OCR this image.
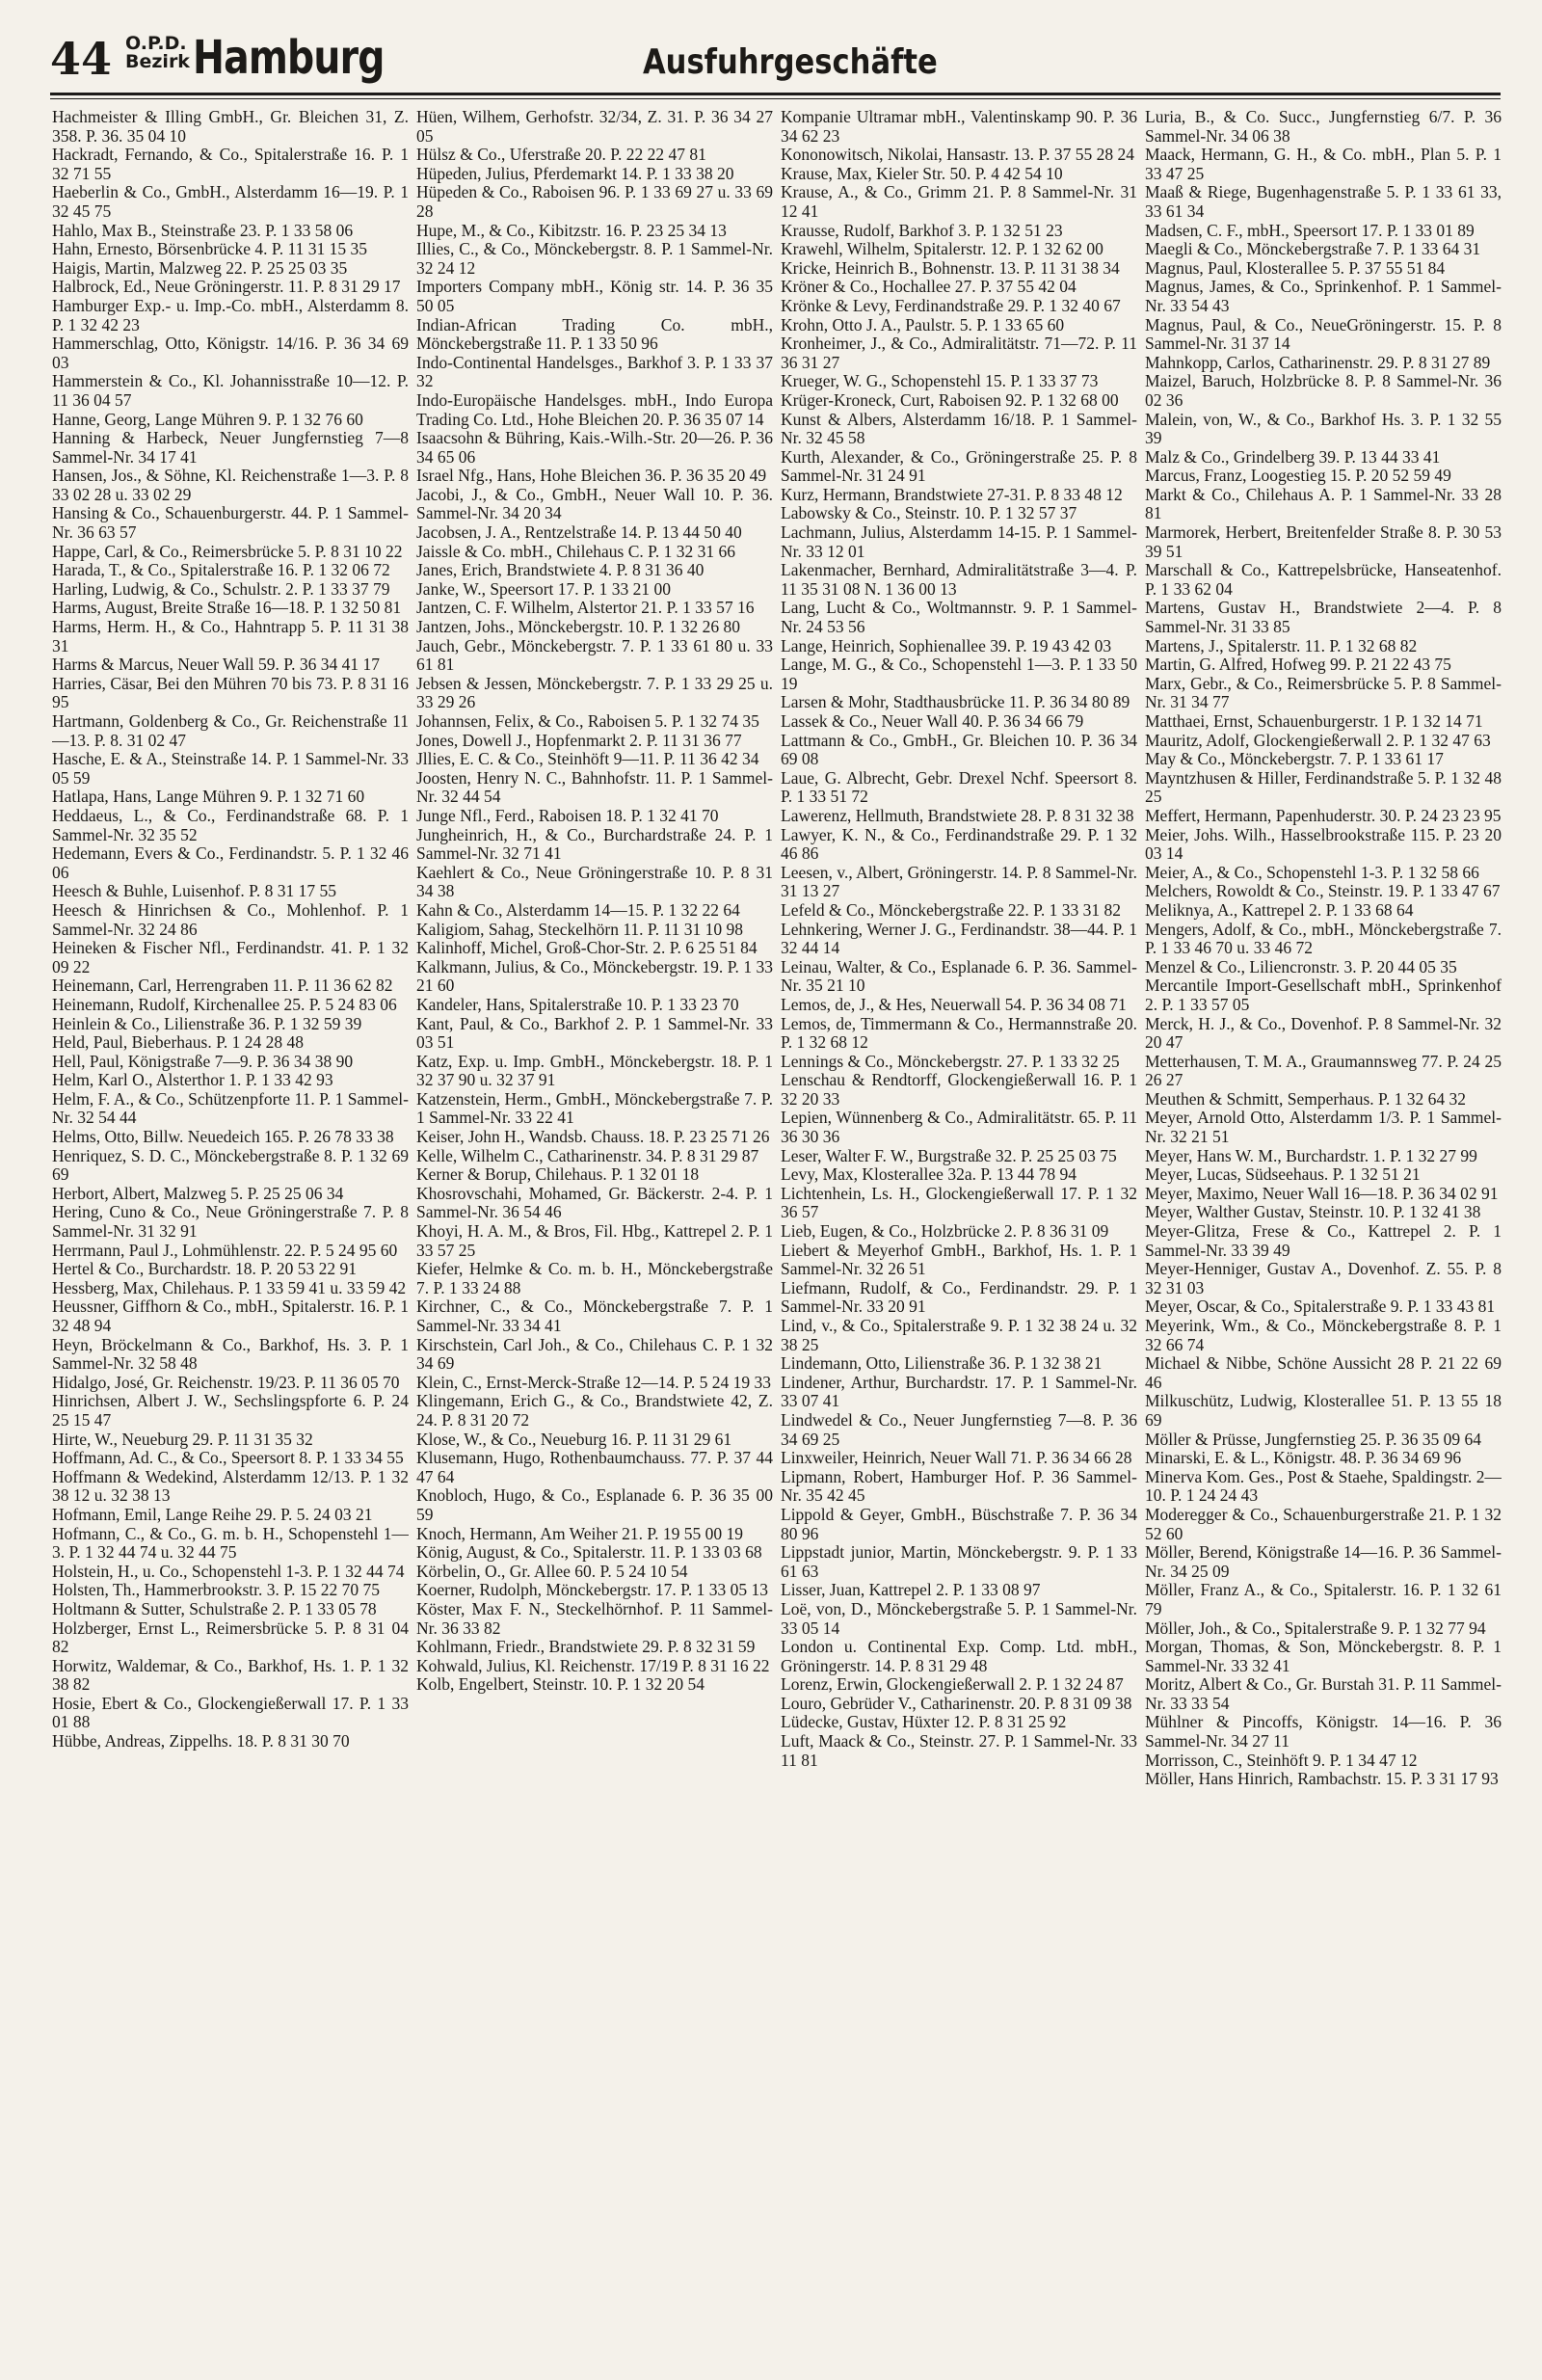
44 O.P.D.
Bezirk Hamburg	Ausfuhrgeschäfte
Hachmeister & Illing GmbH., Gr. Bleichen 31, Z. 358. P. 36. 35 04 10
Hackradt, Fernando, & Co., Spitalerstraße 16. P. 1 32 71 55
Haeberlin & Co., GmbH., Alsterdamm 16—19. P. 1 32 45 75
Hahlo, Max B., Steinstraße 23. P. 1 33 58 06
Hahn, Ernesto, Börsenbrücke 4. P. 11 31 15 35
Haigis, Martin, Malzweg 22. P. 25 25 03 35
Halbrock, Ed., Neue Gröningerstr. 11. P. 8 31 29 17
Hamburger Exp.- u. Imp.-Co. mbH., Alsterdamm 8. P. 1 32 42 23
Hammerschlag, Otto, Königstr. 14/16. P. 36 34 69 03
Hammerstein & Co., Kl. Johannisstraße 10—12. P. 11 36 04 57
Hanne, Georg, Lange Mühren 9. P. 1 32 76 60
Hanning & Harbeck, Neuer Jungfernstieg 7—8 Sammel-Nr. 34 17 41
Hansen, Jos., & Söhne, Kl. Reichenstraße 1—3. P. 8 33 02 28 u. 33 02 29
Hansing & Co., Schauenburgerstr. 44. P. 1 Sammel-Nr. 36 63 57
Happe, Carl, & Co., Reimersbrücke 5. P. 8 31 10 22
Harada, T., & Co., Spitalerstraße 16. P. 1 32 06 72
Harling, Ludwig, & Co., Schulstr. 2. P. 1 33 37 79
Harms, August, Breite Straße 16—18. P. 1 32 50 81
Harms, Herm. H., & Co., Hahntrapp 5. P. 11 31 38 31
Harms & Marcus, Neuer Wall 59. P. 36 34 41 17
Harries, Cäsar, Bei den Mühren 70 bis 73. P. 8 31 16 95
Hartmann, Goldenberg & Co., Gr. Reichenstraße 11—13. P. 8. 31 02 47
Hasche, E. & A., Steinstraße 14. P. 1 Sammel-Nr. 33 05 59
Hatlapa, Hans, Lange Mühren 9. P. 1 32 71 60
Heddaeus, L., & Co., Ferdinandstraße 68. P. 1 Sammel-Nr. 32 35 52
Hedemann, Evers & Co., Ferdinandstr. 5. P. 1 32 46 06
Heesch & Buhle, Luisenhof. P. 8 31 17 55
Heesch & Hinrichsen & Co., Mohlenhof. P. 1 Sammel-Nr. 32 24 86
Heineken & Fischer Nfl., Ferdinandstr. 41. P. 1 32 09 22
Heinemann, Carl, Herrengraben 11. P. 11 36 62 82
Heinemann, Rudolf, Kirchenallee 25. P. 5 24 83 06
Heinlein & Co., Lilienstraße 36. P. 1 32 59 39
Held, Paul, Bieberhaus. P. 1 24 28 48
Hell, Paul, Königstraße 7—9. P. 36 34 38 90
Helm, Karl O., Alsterthor 1. P. 1 33 42 93
Helm, F. A., & Co., Schützenpforte 11. P. 1 Sammel-Nr. 32 54 44
Helms, Otto, Billw. Neuedeich 165. P. 26 78 33 38
Henriquez, S. D. C., Mönckebergstraße 8. P. 1 32 69 69
Herbort, Albert, Malzweg 5. P. 25 25 06 34
Hering, Cuno & Co., Neue Gröningerstraße 7. P. 8 Sammel-Nr. 31 32 91
Herrmann, Paul J., Lohmühlenstr. 22. P. 5 24 95 60
Hertel & Co., Burchardstr. 18. P. 20 53 22 91
Hessberg, Max, Chilehaus. P. 1 33 59 41 u. 33 59 42
Heussner, Giffhorn & Co., mbH., Spitalerstr. 16. P. 1 32 48 94
Heyn, Bröckelmann & Co., Barkhof, Hs. 3. P. 1 Sammel-Nr. 32 58 48
Hidalgo, José, Gr. Reichenstr. 19/23. P. 11 36 05 70
Hinrichsen, Albert J. W., Sechslingspforte 6. P. 24 25 15 47
Hirte, W., Neueburg 29. P. 11 31 35 32
Hoffmann, Ad. C., & Co., Speersort 8. P. 1 33 34 55
Hoffmann & Wedekind, Alsterdamm 12/13. P. 1 32 38 12 u. 32 38 13
Hofmann, Emil, Lange Reihe 29. P. 5. 24 03 21
Hofmann, C., & Co., G. m. b. H., Schopenstehl 1—3. P. 1 32 44 74 u. 32 44 75
Holstein, H., u. Co., Schopenstehl 1-3. P. 1 32 44 74
Holsten, Th., Hammerbrookstr. 3. P. 15 22 70 75
Holtmann & Sutter, Schulstraße 2. P. 1 33 05 78
Holzberger, Ernst L., Reimersbrücke 5. P. 8 31 04 82
Horwitz, Waldemar, & Co., Barkhof, Hs. 1. P. 1 32 38 82
Hosie, Ebert & Co., Glockengießerwall 17. P. 1 33 01 88
Hübbe, Andreas, Zippelhs. 18. P. 8 31 30 70
Hüen, Wilhem, Gerhofstr. 32/34, Z. 31. P. 36 34 27 05
Hülsz & Co., Uferstraße 20. P. 22 22 47 81
Hüpeden, Julius, Pferdemarkt 14. P. 1 33 38 20
Hüpeden & Co., Raboisen 96. P. 1 33 69 27 u. 33 69 28
Hupe, M., & Co., Kibitzstr. 16. P. 23 25 34 13
Illies, C., & Co., Mönckebergstr. 8. P. 1 Sammel-Nr. 32 24 12
Importers Company mbH., König str. 14. P. 36 35 50 05
Indian-African Trading Co. mbH., Mönckebergstraße 11. P. 1 33 50 96
Indo-Continental Handelsges., Barkhof 3. P. 1 33 37 32
Indo-Europäische Handelsges. mbH., Indo Europa Trading Co. Ltd., Hohe Bleichen 20. P. 36 35 07 14
Isaacsohn & Bühring, Kais.-Wilh.-Str. 20—26. P. 36 34 65 06
Israel Nfg., Hans, Hohe Bleichen 36. P. 36 35 20 49
Jacobi, J., & Co., GmbH., Neuer Wall 10. P. 36. Sammel-Nr. 34 20 34
Jacobsen, J. A., Rentzelstraße 14. P. 13 44 50 40
Jaissle & Co. mbH., Chilehaus C. P. 1 32 31 66
Janes, Erich, Brandstwiete 4. P. 8 31 36 40
Janke, W., Speersort 17. P. 1 33 21 00
Jantzen, C. F. Wilhelm, Alstertor 21. P. 1 33 57 16
Jantzen, Johs., Mönckebergstr. 10. P. 1 32 26 80
Jauch, Gebr., Mönckebergstr. 7. P. 1 33 61 80 u. 33 61 81
Jebsen & Jessen, Mönckebergstr. 7. P. 1 33 29 25 u. 33 29 26
Johannsen, Felix, & Co., Raboisen 5. P. 1 32 74 35
Jones, Dowell J., Hopfenmarkt 2. P. 11 31 36 77
Jllies, E. C. & Co., Steinhöft 9—11. P. 11 36 42 34
Joosten, Henry N. C., Bahnhofstr. 11. P. 1 Sammel-Nr. 32 44 54
Junge Nfl., Ferd., Raboisen 18. P. 1 32 41 70
Jungheinrich, H., & Co., Burchardstraße 24. P. 1 Sammel-Nr. 32 71 41
Kaehlert & Co., Neue Gröningerstraße 10. P. 8 31 34 38
Kahn & Co., Alsterdamm 14—15. P. 1 32 22 64
Kaligiom, Sahag, Steckelhörn 11. P. 11 31 10 98
Kalinhoff, Michel, Groß-Chor-Str. 2. P. 6 25 51 84
Kalkmann, Julius, & Co., Mönckebergstr. 19. P. 1 33 21 60
Kandeler, Hans, Spitalerstraße 10. P. 1 33 23 70
Kant, Paul, & Co., Barkhof 2. P. 1 Sammel-Nr. 33 03 51
Katz, Exp. u. Imp. GmbH., Mönckebergstr. 18. P. 1 32 37 90 u. 32 37 91
Katzenstein, Herm., GmbH., Mönckebergstraße 7. P. 1 Sammel-Nr. 33 22 41
Keiser, John H., Wandsb. Chauss. 18. P. 23 25 71 26
Kelle, Wilhelm C., Catharinenstr. 34. P. 8 31 29 87
Kerner & Borup, Chilehaus. P. 1 32 01 18
Khosrovschahi, Mohamed, Gr. Bäckerstr. 2-4. P. 1 Sammel-Nr. 36 54 46
Khoyi, H. A. M., & Bros, Fil. Hbg., Kattrepel 2. P. 1 33 57 25
Kiefer, Helmke & Co. m. b. H., Mönckebergstraße 7. P. 1 33 24 88
Kirchner, C., & Co., Mönckebergstraße 7. P. 1 Sammel-Nr. 33 34 41
Kirschstein, Carl Joh., & Co., Chilehaus C. P. 1 32 34 69
Klein, C., Ernst-Merck-Straße 12—14. P. 5 24 19 33
Klingemann, Erich G., & Co., Brandstwiete 42, Z. 24. P. 8 31 20 72
Klose, W., & Co., Neueburg 16. P. 11 31 29 61
Klusemann, Hugo, Rothenbaumchauss. 77. P. 37 44 47 64
Knobloch, Hugo, & Co., Esplanade 6. P. 36 35 00 59
Knoch, Hermann, Am Weiher 21. P. 19 55 00 19
König, August, & Co., Spitalerstr. 11. P. 1 33 03 68
Körbelin, O., Gr. Allee 60. P. 5 24 10 54
Koerner, Rudolph, Mönckebergstr. 17. P. 1 33 05 13
Köster, Max F. N., Steckelhörnhof. P. 11 Sammel-Nr. 36 33 82
Kohlmann, Friedr., Brandstwiete 29. P. 8 32 31 59
Kohwald, Julius, Kl. Reichenstr. 17/19 P. 8 31 16 22
Kolb, Engelbert, Steinstr. 10. P. 1 32 20 54
Kompanie Ultramar mbH., Valentinskamp 90. P. 36 34 62 23
Kononowitsch, Nikolai, Hansastr. 13. P. 37 55 28 24
Krause, Max, Kieler Str. 50. P. 4 42 54 10
Krause, A., & Co., Grimm 21. P. 8 Sammel-Nr. 31 12 41
Krausse, Rudolf, Barkhof 3. P. 1 32 51 23
Krawehl, Wilhelm, Spitalerstr. 12. P. 1 32 62 00
Kricke, Heinrich B., Bohnenstr. 13. P. 11 31 38 34
Kröner & Co., Hochallee 27. P. 37 55 42 04
Krönke & Levy, Ferdinandstraße 29. P. 1 32 40 67
Krohn, Otto J. A., Paulstr. 5. P. 1 33 65 60
Kronheimer, J., & Co., Admiralitätstr. 71—72. P. 11 36 31 27
Krueger, W. G., Schopenstehl 15. P. 1 33 37 73
Krüger-Kroneck, Curt, Raboisen 92. P. 1 32 68 00
Kunst & Albers, Alsterdamm 16/18. P. 1 Sammel-Nr. 32 45 58
Kurth, Alexander, & Co., Gröningerstraße 25. P. 8 Sammel-Nr. 31 24 91
Kurz, Hermann, Brandstwiete 27-31. P. 8 33 48 12
Labowsky & Co., Steinstr. 10. P. 1 32 57 37
Lachmann, Julius, Alsterdamm 14-15. P. 1 Sammel-Nr. 33 12 01
Lakenmacher, Bernhard, Admiralitätstraße 3—4. P. 11 35 31 08 N. 1 36 00 13
Lang, Lucht & Co., Woltmannstr. 9. P. 1 Sammel-Nr. 24 53 56
Lange, Heinrich, Sophienallee 39. P. 19 43 42 03
Lange, M. G., & Co., Schopenstehl 1—3. P. 1 33 50 19
Larsen & Mohr, Stadthausbrücke 11. P. 36 34 80 89
Lassek & Co., Neuer Wall 40. P. 36 34 66 79
Lattmann & Co., GmbH., Gr. Bleichen 10. P. 36 34 69 08
Laue, G. Albrecht, Gebr. Drexel Nchf. Speersort 8. P. 1 33 51 72
Lawerenz, Hellmuth, Brandstwiete 28. P. 8 31 32 38
Lawyer, K. N., & Co., Ferdinandstraße 29. P. 1 32 46 86
Leesen, v., Albert, Gröningerstr. 14. P. 8 Sammel-Nr. 31 13 27
Lefeld & Co., Mönckebergstraße 22. P. 1 33 31 82
Lehnkering, Werner J. G., Ferdinandstr. 38—44. P. 1 32 44 14
Leinau, Walter, & Co., Esplanade 6. P. 36. Sammel-Nr. 35 21 10
Lemos, de, J., & Hes, Neuerwall 54. P. 36 34 08 71
Lemos, de, Timmermann & Co., Hermannstraße 20. P. 1 32 68 12
Lennings & Co., Mönckebergstr. 27. P. 1 33 32 25
Lenschau & Rendtorff, Glockengießerwall 16. P. 1 32 20 33
Lepien, Wünnenberg & Co., Admiralitätstr. 65. P. 11 36 30 36
Leser, Walter F. W., Burgstraße 32. P. 25 25 03 75
Levy, Max, Klosterallee 32a. P. 13 44 78 94
Lichtenhein, Ls. H., Glockengießerwall 17. P. 1 32 36 57
Lieb, Eugen, & Co., Holzbrücke 2. P. 8 36 31 09
Liebert & Meyerhof GmbH., Barkhof, Hs. 1. P. 1 Sammel-Nr. 32 26 51
Liefmann, Rudolf, & Co., Ferdinandstr. 29. P. 1 Sammel-Nr. 33 20 91
Lind, v., & Co., Spitalerstraße 9. P. 1 32 38 24 u. 32 38 25
Lindemann, Otto, Lilienstraße 36. P. 1 32 38 21
Lindener, Arthur, Burchardstr. 17. P. 1 Sammel-Nr. 33 07 41
Lindwedel & Co., Neuer Jungfernstieg 7—8. P. 36 34 69 25
Linxweiler, Heinrich, Neuer Wall 71. P. 36 34 66 28
Lipmann, Robert, Hamburger Hof. P. 36 Sammel-Nr. 35 42 45
Lippold & Geyer, GmbH., Büschstraße 7. P. 36 34 80 96
Lippstadt junior, Martin, Mönckebergstr. 9. P. 1 33 61 63
Lisser, Juan, Kattrepel 2. P. 1 33 08 97
Loë, von, D., Mönckebergstraße 5. P. 1 Sammel-Nr. 33 05 14
London u. Continental Exp. Comp. Ltd. mbH., Gröningerstr. 14. P. 8 31 29 48
Lorenz, Erwin, Glockengießerwall 2. P. 1 32 24 87
Louro, Gebrüder V., Catharinenstr. 20. P. 8 31 09 38
Lüdecke, Gustav, Hüxter 12. P. 8 31 25 92
Luft, Maack & Co., Steinstr. 27. P. 1 Sammel-Nr. 33 11 81
Luria, B., & Co. Succ., Jungfernstieg 6/7. P. 36 Sammel-Nr. 34 06 38
Maack, Hermann, G. H., & Co. mbH., Plan 5. P. 1 33 47 25
Maaß & Riege, Bugenhagenstraße 5. P. 1 33 61 33, 33 61 34
Madsen, C. F., mbH., Speersort 17. P. 1 33 01 89
Maegli & Co., Mönckebergstraße 7. P. 1 33 64 31
Magnus, Paul, Klosterallee 5. P. 37 55 51 84
Magnus, James, & Co., Sprinkenhof. P. 1 Sammel-Nr. 33 54 43
Magnus, Paul, & Co., NeueGröningerstr. 15. P. 8 Sammel-Nr. 31 37 14
Mahnkopp, Carlos, Catharinenstr. 29. P. 8 31 27 89
Maizel, Baruch, Holzbrücke 8. P. 8 Sammel-Nr. 36 02 36
Malein, von, W., & Co., Barkhof Hs. 3. P. 1 32 55 39
Malz & Co., Grindelberg 39. P. 13 44 33 41
Marcus, Franz, Loogestieg 15. P. 20 52 59 49
Markt & Co., Chilehaus A. P. 1 Sammel-Nr. 33 28 81
Marmorek, Herbert, Breitenfelder Straße 8. P. 30 53 39 51
Marschall & Co., Kattrepelsbrücke, Hanseatenhof. P. 1 33 62 04
Martens, Gustav H., Brandstwiete 2—4. P. 8 Sammel-Nr. 31 33 85
Martens, J., Spitalerstr. 11. P. 1 32 68 82
Martin, G. Alfred, Hofweg 99. P. 21 22 43 75
Marx, Gebr., & Co., Reimersbrücke 5. P. 8 Sammel-Nr. 31 34 77
Matthaei, Ernst, Schauenburgerstr. 1 P. 1 32 14 71
Mauritz, Adolf, Glockengießerwall 2. P. 1 32 47 63
May & Co., Mönckebergstr. 7. P. 1 33 61 17
Mayntzhusen & Hiller, Ferdinandstraße 5. P. 1 32 48 25
Meffert, Hermann, Papenhuderstr. 30. P. 24 23 23 95
Meier, Johs. Wilh., Hasselbrookstraße 115. P. 23 20 03 14
Meier, A., & Co., Schopenstehl 1-3. P. 1 32 58 66
Melchers, Rowoldt & Co., Steinstr. 19. P. 1 33 47 67
Meliknya, A., Kattrepel 2. P. 1 33 68 64
Mengers, Adolf, & Co., mbH., Mönckebergstraße 7. P. 1 33 46 70 u. 33 46 72
Menzel & Co., Liliencronstr. 3. P. 20 44 05 35
Mercantile Import-Gesellschaft mbH., Sprinkenhof 2. P. 1 33 57 05
Merck, H. J., & Co., Dovenhof. P. 8 Sammel-Nr. 32 20 47
Metterhausen, T. M. A., Graumannsweg 77. P. 24 25 26 27
Meuthen & Schmitt, Semperhaus. P. 1 32 64 32
Meyer, Arnold Otto, Alsterdamm 1/3. P. 1 Sammel-Nr. 32 21 51
Meyer, Hans W. M., Burchardstr. 1. P. 1 32 27 99
Meyer, Lucas, Südseehaus. P. 1 32 51 21
Meyer, Maximo, Neuer Wall 16—18. P. 36 34 02 91
Meyer, Walther Gustav, Steinstr. 10. P. 1 32 41 38
Meyer-Glitza, Frese & Co., Kattrepel 2. P. 1 Sammel-Nr. 33 39 49
Meyer-Henniger, Gustav A., Dovenhof. Z. 55. P. 8 32 31 03
Meyer, Oscar, & Co., Spitalerstraße 9. P. 1 33 43 81
Meyerink, Wm., & Co., Mönckebergstraße 8. P. 1 32 66 74
Michael & Nibbe, Schöne Aussicht 28 P. 21 22 69 46
Milkuschütz, Ludwig, Klosterallee 51. P. 13 55 18 69
Möller & Prüsse, Jungfernstieg 25. P. 36 35 09 64
Minarski, E. & L., Königstr. 48. P. 36 34 69 96
Minerva Kom. Ges., Post & Staehe, Spaldingstr. 2—10. P. 1 24 24 43
Moderegger & Co., Schauenburgerstraße 21. P. 1 32 52 60
Möller, Berend, Königstraße 14—16. P. 36 Sammel-Nr. 34 25 09
Möller, Franz A., & Co., Spitalerstr. 16. P. 1 32 61 79
Möller, Joh., & Co., Spitalerstraße 9. P. 1 32 77 94
Morgan, Thomas, & Son, Mönckebergstr. 8. P. 1 Sammel-Nr. 33 32 41
Moritz, Albert & Co., Gr. Burstah 31. P. 11 Sammel-Nr. 33 33 54
Mühlner & Pincoffs, Königstr. 14—16. P. 36 Sammel-Nr. 34 27 11
Morrisson, C., Steinhöft 9. P. 1 34 47 12
Möller, Hans Hinrich, Rambachstr. 15. P. 3 31 17 93
